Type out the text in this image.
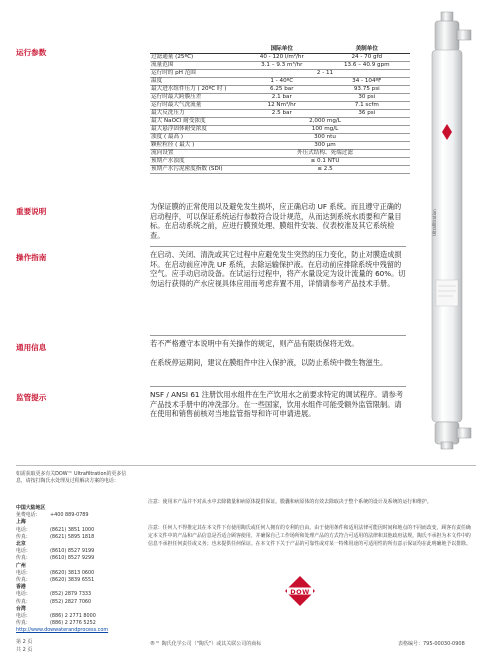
运行参数
重要说明
操作指南
通用信息
监管提示
	国际单位	美制单位
过滤通量 (25ºC)	40 - 120 l/m²/hr	24 - 70 gfd
流量范围	3.1 – 9.3 m³/hr	13.6 – 40.9 gpm
运行时的 pH 范围	2 - 11	
温度	1 - 40ºC	34 - 104ºF
最大进水组件压力 ( 20ºC 时 )	6.25 bar	93.75 psi
运行时最大跨膜压差	2.1 bar	30 psi
运行时最大气洗流量	12 Nm³/hr	7.1 scfm
最大反洗压力	2.5 bar	36 psi
最大 NaOCl 耐受浓度	2,000 mg/L	
最大悬浮固体耐受浓度	100 mg/L	
浊度 ( 最高 )	300 ntu	
颗粒粒径 ( 最大 )	300 µm	
流向设置	外压式结构、死端过滤	
预期产水浊度	≤ 0.1 NTU	
预期产水污泥密度指数 (SDI)	≤ 2.5	
为保证膜的正常使用以及避免发生损坏，应正确启动 UF 系统。而且遵守正确的启动程序，可以保证系统运行参数符合设计规范，从而达到系统水质要和产量目标。在启动系统之前，应进行膜预处理、膜组件安装、仪表校准及其它系统检查。
在启动、关闭、清洗或其它过程中应避免发生突然的压力变化，防止对膜造成损坏。在启动前应冲洗 UF 系统，去除运输保护液。在启动前应排除系统中残留的空气。应手动启动设备。在试运行过程中，将产水量设定为设计流量的 60%。切勿运行获得的产水应视具体应用而考虑弃置不用，详情请参考产品技术手册。
若不严格遵守本说明中有关操作的规定，则产品有限质保将无效。
在系统停运期间，建议在膜组件中注入保护液，以防止系统中微生物滋生。
NSF / ANSI 61 注册饮用水组件在生产饮用水之前要求特定的调试程序。请参考产品技术手册中的冲洗部分。在一些国家，饮用水组件可能受额外监管限制。请在使用和销售前核对当地监管指导和许可申请进展。
Ultrafiltration
如需获取更多有关DOW™ Ultrafiltration的更多信息，请按打陶氏水处理及过程解决方案的电话：
中国大陆地区
免费电话： +400 889-0789
上海
电话：	(8621) 3851 1000
传真：	(8621) 5895 1818
北京
电话：	(8610) 8527 9199
传真：	(8610) 8527 9299
广州
电话：	(8620) 3813 0600
传真：	(8620) 3839 6551
香港
电话：	(852) 2879 7333
传真：	(852) 2827 7060
台湾
电话：	(886) 2 2771 8000
传真：	(886) 2 2776 5252
http://www.dowwaterandprocess.com
注意：使用本产品并不对从水中去除微量和病原体提供保证。膜囊和病原体的有效去除取决于整个系统的设计及系统的运行和维护。
注意：任何人不得推定其在本文件下有使用陶氏或任何人拥有的专利的自由。由于使用条件和适用法律可能因时间和地点的不同而改变，顾客有责任确定本文件中的产品和产品信息是否适合顾客使用，并确保自己工作场所和处理产品的方式符合可适用的法律和其他政府法规。陶氏不承担为本文件中的信息不承担任何责任或义务；也未提供任何保证。在本文件下关于产品的可靠性或对某一特殊用途的可适用性的所有意示保证均在此明确地予以排除。
DOW
第 2 页
共 2 页
®™ 陶氏化学公司（"陶氏"）或其关联公司的商标	表格编号：795-00030-0908
